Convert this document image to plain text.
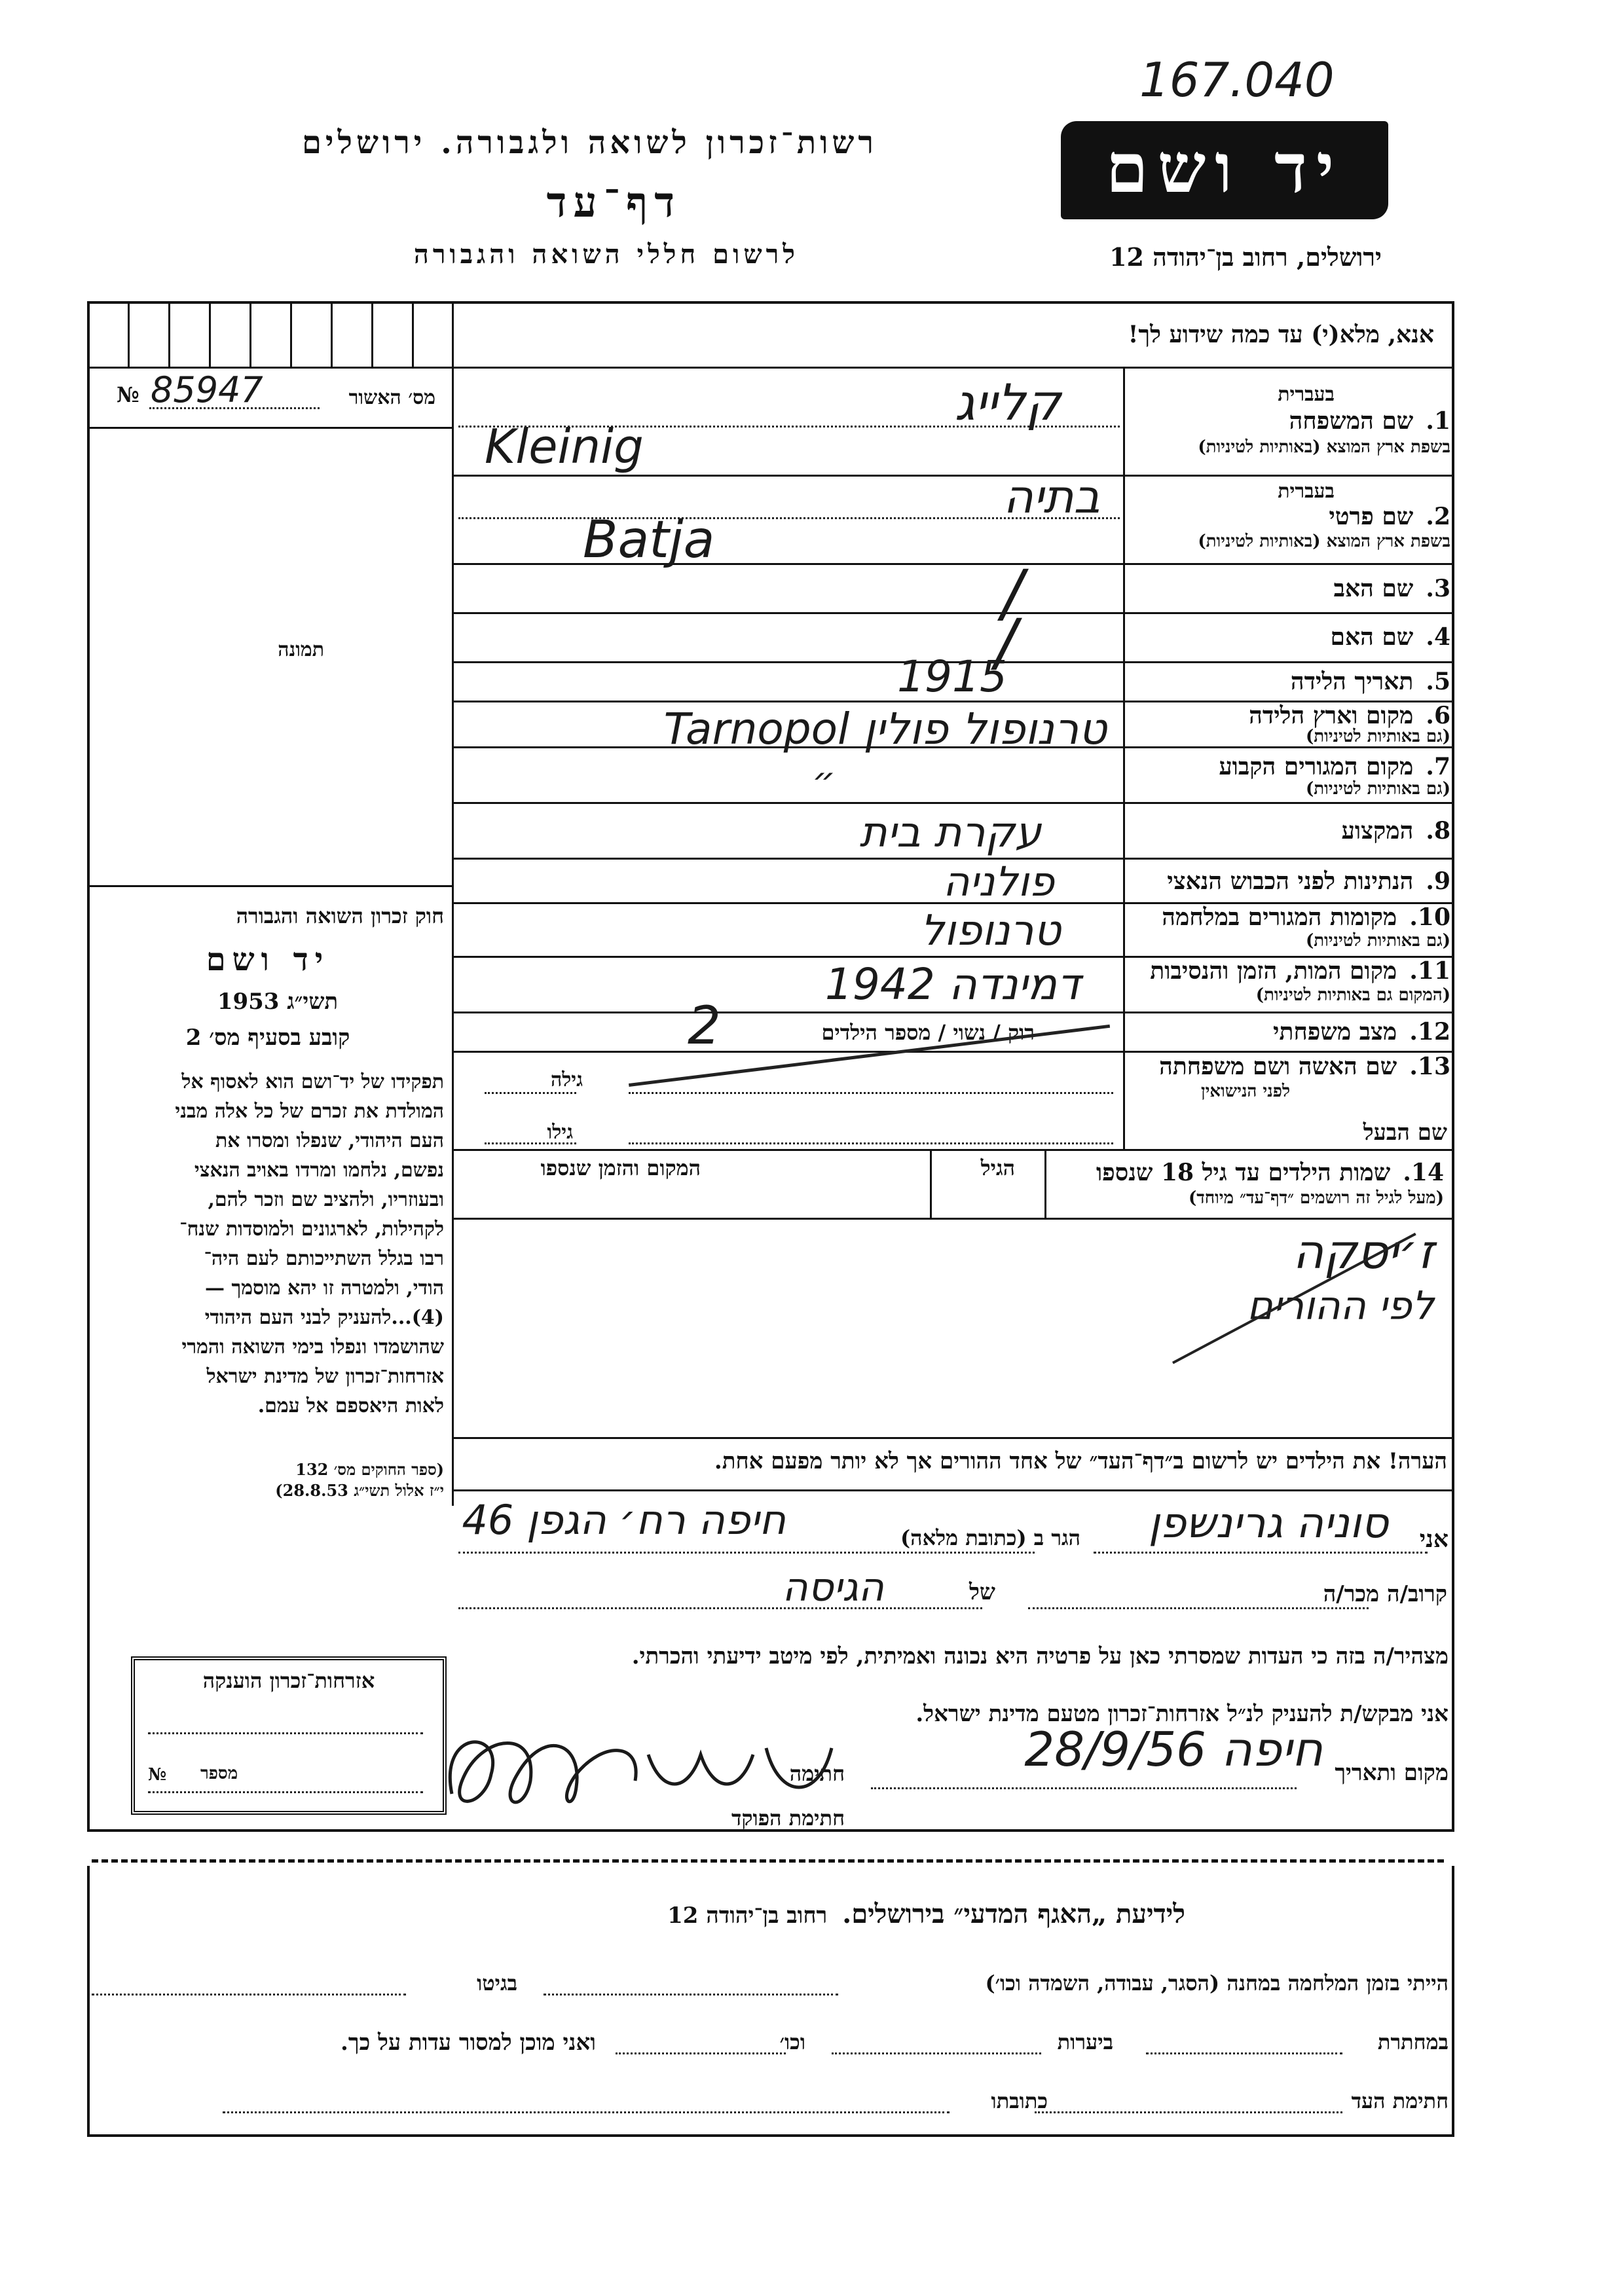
167.040
רשות־זכרון לשואה ולגבורה. ירושלים
דף־עד
לרשום חללי השואה והגבורה
יד ושם
ירושלים, רחוב בן־יהודה 12
אנא, מלא(י) עד כמה שידוע לך!
№ 85947	מס׳ האשור
תמונה
חוק זכרון השואה והגבורה
יד ושם
תשי״ג 1953
קובע בסעיף מס׳ 2
תפקידו של יד־ושם הוא לאסוף אל
המולדת את זכרם של כל אלה מבני
העם היהודי, שנפלו ומסרו את
נפשם, נלחמו ומרדו באויב הנאצי
ובעוזריו, ולהציב שם וזכר להם,
לקהילות, לארגונים ולמוסדות שנח־
רבו בגלל השתייכותם לעם היה־
הודי, ולמטרה זו יהא מוסמך —
(4)...להעניק לבני העם היהודי
שהושמדו ונפלו בימי השואה והמרי
אזרחות־זכרון של מדינת ישראל
לאות היאספם אל עמם.
(ספר החוקים מס׳ 132
י״ז אלול תשי״ג 28.8.53)
בעברית
1. שם המשפחה
בשפת ארץ המוצא (באותיות לטיניות)
קלייג
Kleinig
בעברית
2. שם פרטי
בשפת ארץ המוצא (באותיות לטיניות)
בתיה
Batja
3. שם האב
/
4. שם האם
/
5. תאריך הלידה
1915
6. מקום וארץ הלידה
(גם באותיות לטיניות)
טרנופול פולין Tarnopol
7. מקום המגורים הקבוע
(גם באותיות לטיניות)
״
8. המקצוע
עקרת בית
9. הנתינות לפני הכבוש הנאצי
פולניה
10. מקומות המגורים במלחמה
(גם באותיות לטיניות)
טרנופול
11. מקום המות, הזמן והנסיבות
(המקום גם באותיות לטיניות)
דמינדה 1942
12. מצב משפחתי
רוק / נשוי / מספר הילדים
2
13. שם האשה ושם משפחתה
לפני הנישואין
שם הבעל
גילה
גילו
14. שמות הילדים עד גיל 18 שנספו
(מעל לגיל זה רושמים ״דף־עד״ מיוחד)
הגיל
המקום והזמן שנספו
ז׳יסקה
לפי ההורים
הערה! את הילדים יש לרשום ב״דף־העד״ של אחד ההורים אך לא יותר מפעם אחת.
אני
סוניה גרינשפן
הגר ב (כתובת מלאה)
חיפה רח׳ הגפן 46
קרוב/ה מכר/ה
של
הגיסה
מצהיר/ה בזה כי העדות שמסרתי כאן על פרטיה היא נכונה ואמיתית, לפי מיטב ידיעתי והכרתי.
אני מבקש/ת להעניק לנ״ל אזרחות־זכרון מטעם מדינת ישראל.
מקום ותאריך
חיפה 28/9/56
חתימה
חתימת הפוקד
אזרחות־זכרון הוענקה
№ מספר
לידיעת „האגף המדעי״ בירושלים. רחוב בן־יהודה 12
הייתי בזמן המלחמה במחנה (הסגר, עבודה, השמדה וכו׳)
בגיטו
במחתרת
ביערות
וכו׳
ואני מוכן למסור עדות על כך.
חתימת העד
כתובתו
